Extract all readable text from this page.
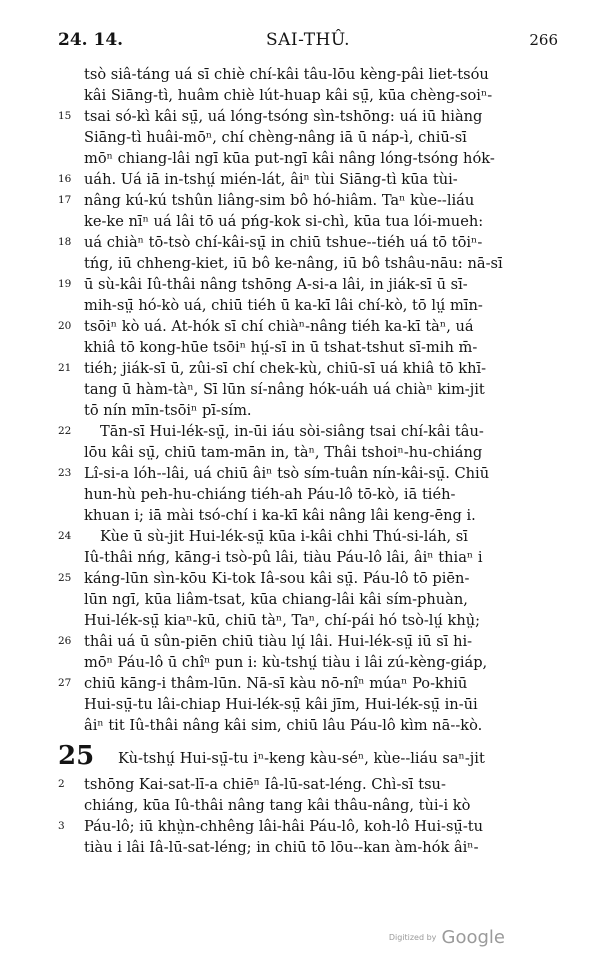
24. 14.	SAI-THÛ.	266
tsò siâ-táng uá sī chiè chí-kâi tâu-lōu kèng-pâi liet-tsóu
kâi Siāng-tì, huâm chiè lút-huap kâi sṳ̄, kūa chèng-soiⁿ-
15 tsai só-kì kâi sṳ̄, uá lóng-tsóng sìn-tshōng: uá iū hiàng
Siāng-tì huâi-mōⁿ, chí chèng-nâng iā ū náp-ì, chiū-sī
mōⁿ chiang-lâi ngī kūa put-ngī kâi nâng lóng-tsóng hók-
16 uáh. Uá iā in-tshṳ́ mién-lát, âiⁿ tùi Siāng-tì kūa tùi-
17 nâng kú-kú tshûn liâng-sim bô hó-hiâm. Taⁿ kùe--liáu
ke-ke nīⁿ uá lâi tō uá pńg-kok si-chì, kūa tua lói-mueh:
18 uá chiàⁿ tō-tsò chí-kâi-sṳ̄ in chiū tshue--tiéh uá tō tōiⁿ-
tńg, iū chheng-kiet, iū bô ke-nâng, iū bô tshâu-nāu: nā-sī
19 ū sù-kâi Iû-thâi nâng tshōng A-si-a lâi, in jiák-sī ū sī-
mih-sṳ̄ hó-kò uá, chiū tiéh ū ka-kī lâi chí-kò, tō lṳ́ mīn-
20 tsōiⁿ kò uá. At-hók sī chí chiàⁿ-nâng tiéh ka-kī tàⁿ, uá
khiâ tō kong-hūe tsōiⁿ hṳ́-sī in ū tshat-tshut sī-mih m̄-
21 tiéh; jiák-sī ū, zûi-sī chí chek-kù, chiū-sī uá khiâ tō khī-
tang ū hàm-tàⁿ, Sī lūn sí-nâng hók-uáh uá chiàⁿ kim-jit
tō nín mīn-tsōiⁿ pī-sím.
22	Tān-sī Hui-lék-sṳ̄, in-ūi iáu sòi-siâng tsai chí-kâi tâu-
lōu kâi sṳ̄, chiū tam-mān in, tàⁿ, Thâi tshoiⁿ-hu-chiáng
23 Lî-si-a lóh--lâi, uá chiū âiⁿ tsò sím-tuân nín-kâi-sṳ̄. Chiū
hun-hù peh-hu-chiáng tiéh-ah Páu-lô tō-kò, iā tiéh-
khuan i; iā mài tsó-chí i ka-kī kâi nâng lâi keng-ēng i.
24	Kùe ū sù-jit Hui-lék-sṳ̄ kūa i-kâi chhi Thú-si-láh, sī
Iû-thâi nńg, kāng-i tsò-pû lâi, tiàu Páu-lô lâi, âiⁿ thiaⁿ i
25 káng-lūn sìn-kōu Ki-tok Iâ-sou kâi sṳ̄. Páu-lô tō piēn-
lūn ngī, kūa liâm-tsat, kūa chiang-lâi kâi sím-phuàn,
Hui-lék-sṳ̄ kiaⁿ-kū, chiū tàⁿ, Taⁿ, chí-pái hó tsò-lṳ́ khṳ̀;
26 thâi uá ū sûn-piēn chiū tiàu lṳ́ lâi. Hui-lék-sṳ̄ iū sī hi-
mōⁿ Páu-lô ū chîⁿ pun i: kù-tshṳ́ tiàu i lâi zú-kèng-giáp,
27 chiū kāng-i thâm-lūn. Nā-sī kàu nō-nîⁿ múaⁿ Po-khiū
Hui-sṳ̄-tu lâi-chiap Hui-lék-sṳ̄ kâi jīm, Hui-lék-sṳ̄ in-ūi
âiⁿ tit Iû-thâi nâng kâi sim, chiū lâu Páu-lô kìm nā--kò.
25 Kù-tshṳ́ Hui-sṳ̄-tu iⁿ-keng kàu-séⁿ, kùe--liáu saⁿ-jit
2	tshōng Kai-sat-lī-a chiēⁿ Iâ-lū-sat-léng. Chì-sī tsu-
chiáng, kūa Iû-thâi nâng tang kâi thâu-nâng, tùi-i kò
3	Páu-lô; iū khṳ̀n-chhêng lâi-hâi Páu-lô, koh-lô Hui-sṳ̄-tu
tiàu i lâi Iâ-lū-sat-léng; in chiū tō lōu--kan àm-hók âiⁿ-
Digitized by Google
